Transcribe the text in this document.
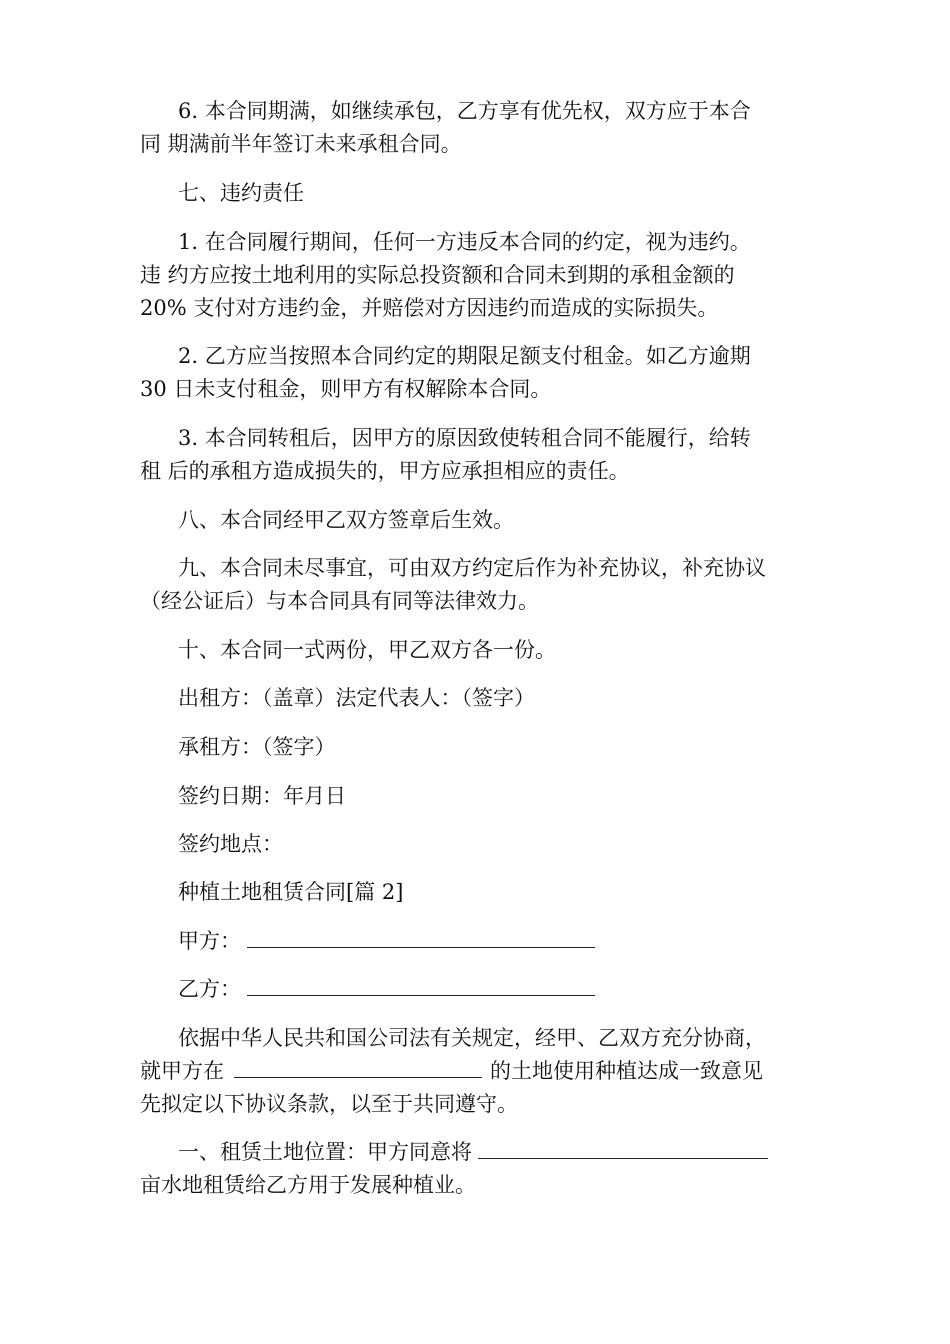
6. 本合同期满，如继续承包，乙方享有优先权，双方应于本合
同 期满前半年签订未来承租合同。
七、违约责任
1. 在合同履行期间，任何一方违反本合同的约定，视为违约。
违 约方应按土地利用的实际总投资额和合同未到期的承租金额的
20% 支付对方违约金，并赔偿对方因违约而造成的实际损失。
2. 乙方应当按照本合同约定的期限足额支付租金。如乙方逾期
30 日未支付租金，则甲方有权解除本合同。
3. 本合同转租后，因甲方的原因致使转租合同不能履行，给转
租 后的承租方造成损失的，甲方应承担相应的责任。
八、本合同经甲乙双方签章后生效。
九、本合同未尽事宜，可由双方约定后作为补充协议，补充协议
（经公证后）与本合同具有同等法律效力。
十、本合同一式两份，甲乙双方各一份。
出租方：（盖章）法定代表人：（签字）
承租方：（签字）
签约日期：年月日
签约地点：
种植土地租赁合同[篇 2]
甲方：
乙方：
依据中华人民共和国公司法有关规定，经甲、乙双方充分协商，
就甲方在	的土地使用种植达成一致意见
先拟定以下协议条款，以至于共同遵守。
一、租赁土地位置：甲方同意将
亩水地租赁给乙方用于发展种植业。
